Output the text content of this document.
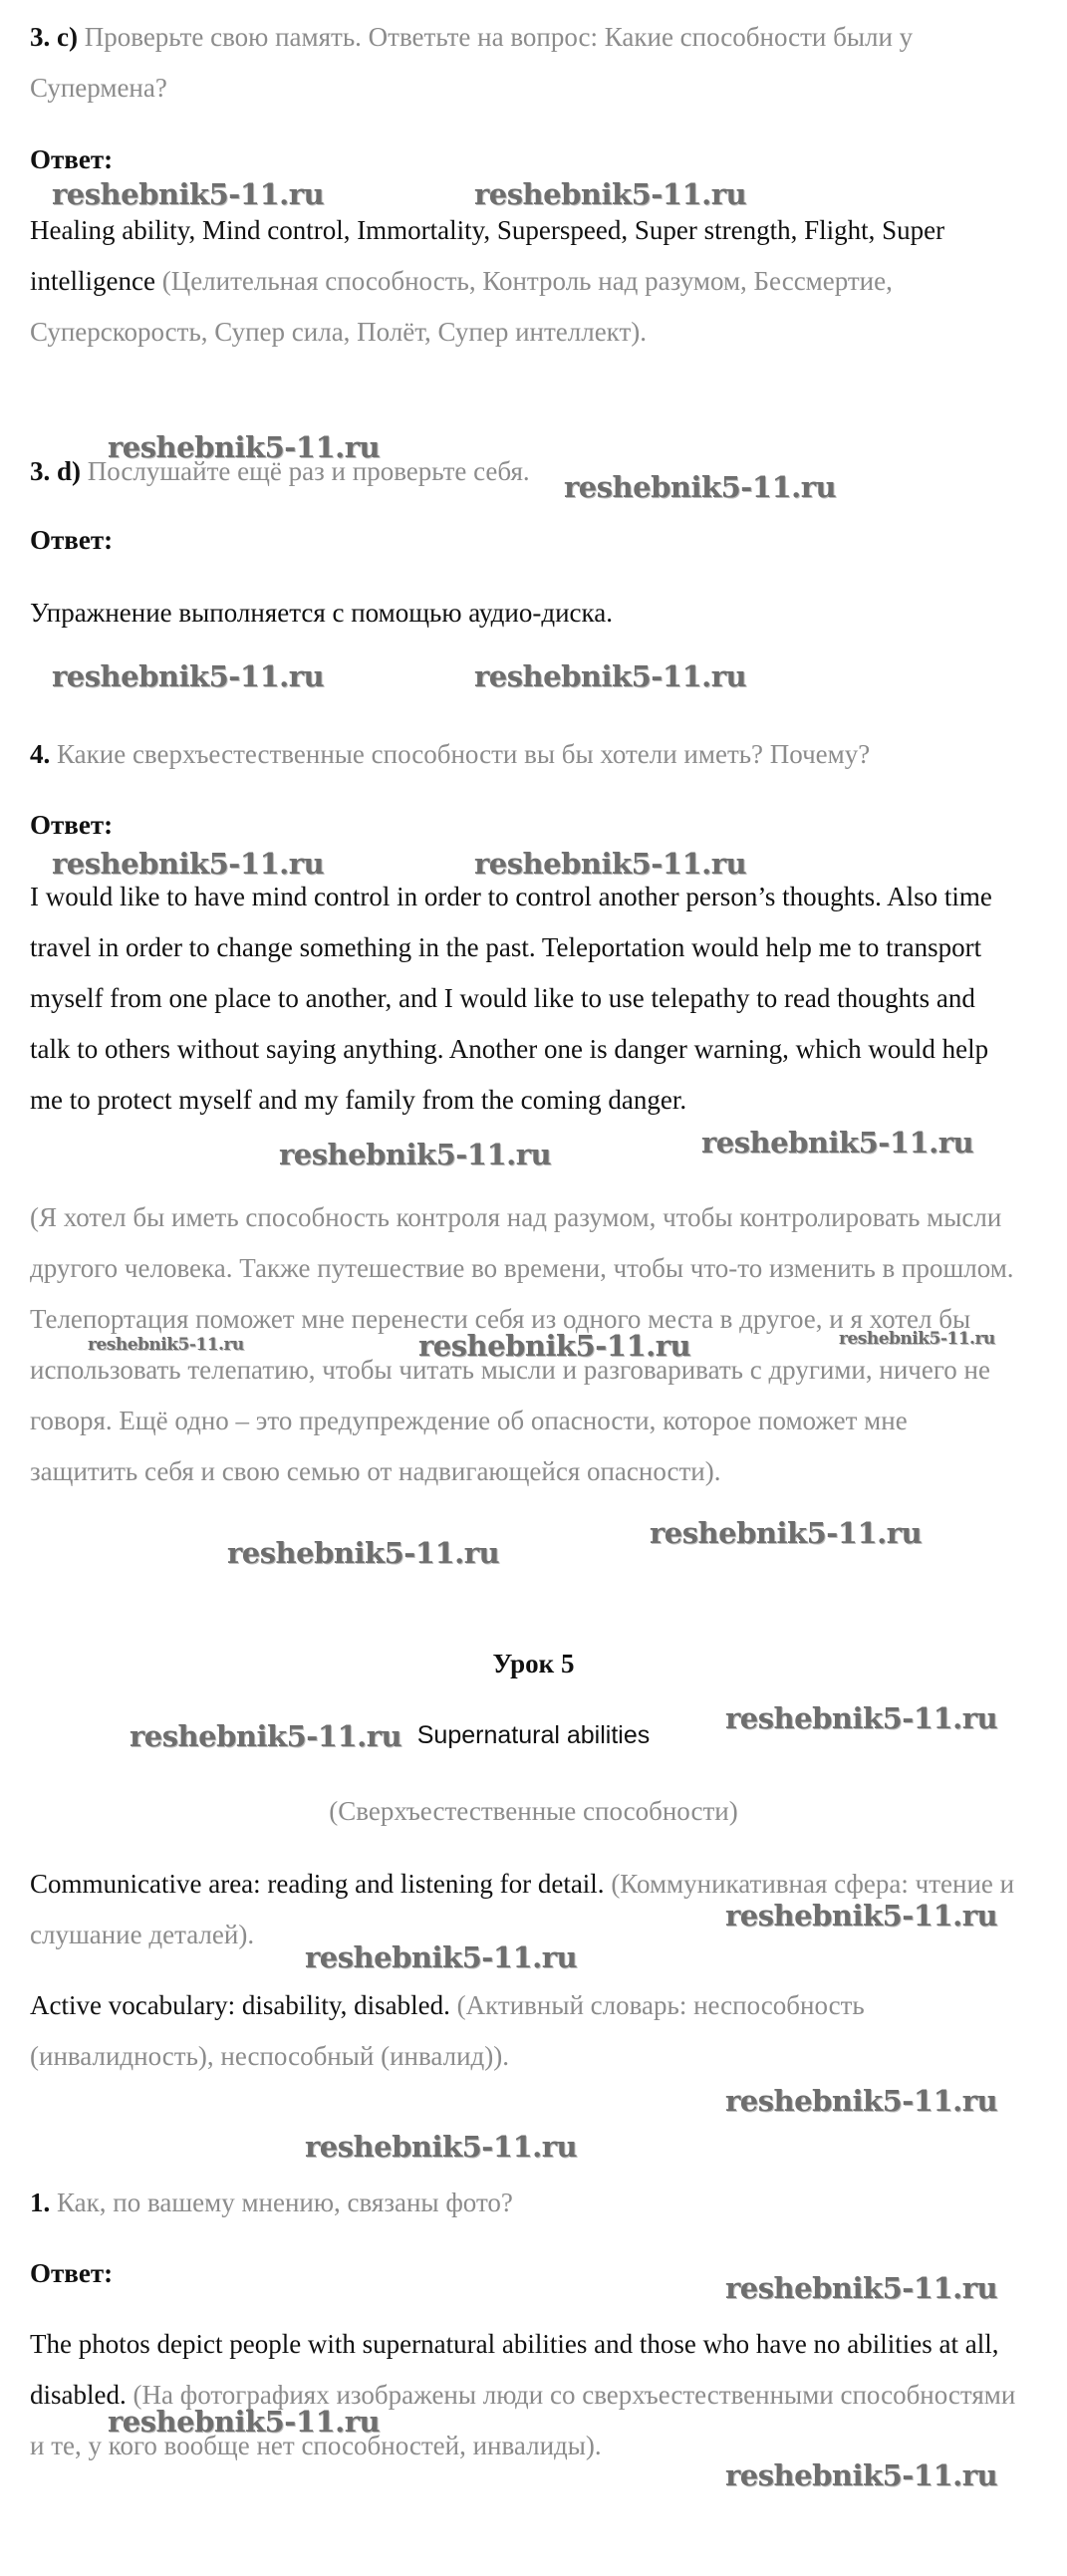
3. c) Проверьте свою память. Ответьте на вопрос: Какие способности были у Супермена?

Ответ:

Healing ability, Mind control, Immortality, Superspeed, Super strength, Flight, Super intelligence (Целительная способность, Контроль над разумом, Бессмертие, Суперскорость, Супер сила, Полёт, Супер интеллект).

3. d) Послушайте ещё раз и проверьте себя.

Ответ:

Упражнение выполняется с помощью аудио-диска.

4. Какие сверхъестественные способности вы бы хотели иметь? Почему?

Ответ:

I would like to have mind control in order to control another person’s thoughts. Also time travel in order to change something in the past. Teleportation would help me to transport myself from one place to another, and I would like to use telepathy to read thoughts and talk to others without saying anything. Another one is danger warning, which would help me to protect myself and my family from the coming danger.

(Я хотел бы иметь способность контроля над разумом, чтобы контролировать мысли другого человека. Также путешествие во времени, чтобы что-то изменить в прошлом. Телепортация поможет мне перенести себя из одного места в другое, и я хотел бы использовать телепатию, чтобы читать мысли и разговаривать с другими, ничего не говоря. Ещё одно – это предупреждение об опасности, которое поможет мне защитить себя и свою семью от надвигающейся опасности).

Урок 5
Supernatural abilities
(Сверхъестественные способности)

Communicative area: reading and listening for detail. (Коммуникативная сфера: чтение и слушание деталей).

Active vocabulary: disability, disabled. (Активный словарь: неспособность (инвалидность), неспособный (инвалид)).

1. Как, по вашему мнению, связаны фото?

Ответ:

The photos depict people with supernatural abilities and those who have no abilities at all, disabled. (На фотографиях изображены люди со сверхъестественными способностями и те, у кого вообще нет способностей, инвалиды).

reshebnik5-11.ru	reshebnik5-11.ru
reshebnik5-11.ru
reshebnik5-11.ru
reshebnik5-11.ru	reshebnik5-11.ru
reshebnik5-11.ru	reshebnik5-11.ru
reshebnik5-11.ru	reshebnik5-11.ru
reshebnik5-11.ru	reshebnik5-11.ru	reshebnik5-11.ru
reshebnik5-11.ru
reshebnik5-11.ru
reshebnik5-11.ru
reshebnik5-11.ru
reshebnik5-11.ru
reshebnik5-11.ru
reshebnik5-11.ru
reshebnik5-11.ru
reshebnik5-11.ru
reshebnik5-11.ru
reshebnik5-11.ru
